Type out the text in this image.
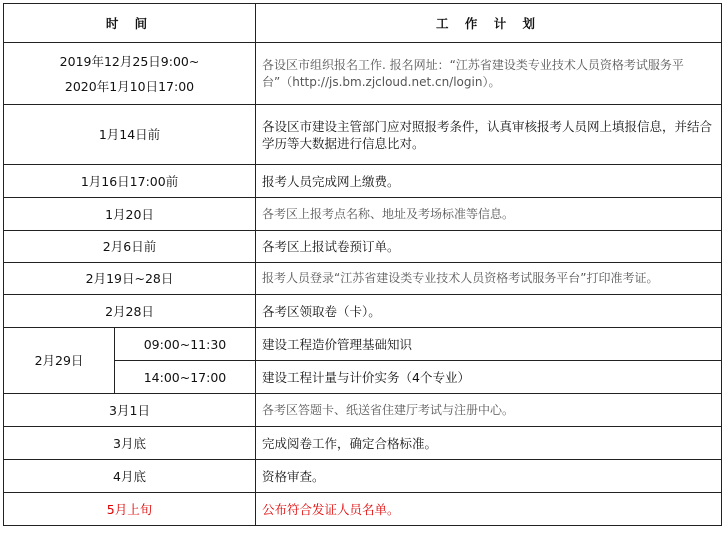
时 间		工 作 计 划

2019年12月25日9:00~
2020年1月10日17:00		各设区市组织报名工作. 报名网址：“江苏省建设类专业技术人员资格考试服务平台”（http://js.bm.zjcloud.net.cn/login）。
1月14日前		各设区市建设主管部门应对照报考条件，认真审核报考人员网上填报信息，并结合学历等大数据进行信息比对。
1月16日17:00前		报考人员完成网上缴费。
1月20日		各考区上报考点名称、地址及考场标准等信息。
2月6日前		各考区上报试卷预订单。
2月19日~28日		报考人员登录“江苏省建设类专业技术人员资格考试服务平台”打印准考证。
2月28日		各考区领取卷（卡）。
2月29日	09:00~11:30	建设工程造价管理基础知识
	14:00~17:00	建设工程计量与计价实务（4个专业）
3月1日		各考区答题卡、纸送省住建厅考试与注册中心。
3月底		完成阅卷工作，确定合格标准。
4月底		资格审查。
5月上旬		公布符合发证人员名单。
